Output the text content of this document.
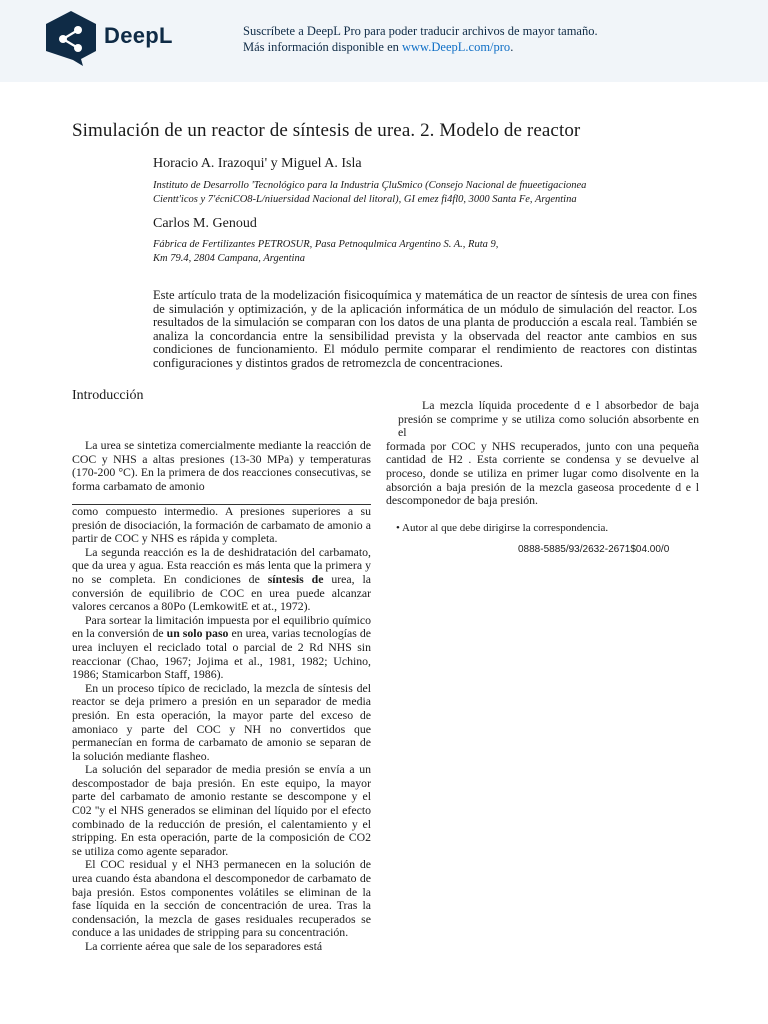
DeepL	Suscríbete a DeepL Pro para poder traducir archivos de mayor tamaño.
Más información disponible en www.DeepL.com/pro.
Simulación de un reactor de síntesis de urea. 2. Modelo de reactor
Horacio A. Irazoqui' y Miguel A. Isla
Instituto de Desarrollo 'Tecnológico para la Industria ÇluSmico (Consejo Nacional de fnueetigacionea
Cientt'icos y 7'écniCO8-L/niuersidad Nacional del litoral), GI emez fi4fl0, 3000 Santa Fe, Argentina
Carlos M. Genoud
Fábrica de Fertilizantes PETROSUR, Pasa Petnoqulmica Argentino S. A., Ruta 9,
Km 79.4, 2804 Campana, Argentina
Este artículo trata de la modelización fisicoquímica y matemática de un reactor de síntesis de urea con fines de simulación y optimización, y de la aplicación informática de un módulo de simulación del reactor. Los resultados de la simulación se comparan con los datos de una planta de producción a escala real. También se analiza la concordancia entre la sensibilidad prevista y la observada del reactor ante cambios en sus condiciones de funcionamiento. El módulo permite comparar el rendimiento de reactores con distintas configuraciones y distintos grados de retromezcla de concentraciones.
Introducción

La urea se sintetiza comercialmente mediante la reacción de COC y NHS a altas presiones (13-30 MPa) y temperaturas (170-200 °C). En la primera de dos reacciones consecutivas, se forma carbamato de amonio

como compuesto intermedio. A presiones superiores a su presión de disociación, la formación de carbamato de amonio a partir de COC y NHS es rápida y completa.

La segunda reacción es la de deshidratación del carbamato, que da urea y agua. Esta reacción es más lenta que la primera y no se completa. En condiciones de síntesis de urea, la conversión de equilibrio de COC en urea puede alcanzar valores cercanos a 80Po (LemkowitE et at., 1972).

Para sortear la limitación impuesta por el equilibrio químico en la conversión de un solo paso en urea, varias tecnologías de urea incluyen el reciclado total o parcial de 2 Rd NHS sin reaccionar (Chao, 1967; Jojima et al., 1981, 1982; Uchino, 1986; Stamicarbon Staff, 1986).

En un proceso típico de reciclado, la mezcla de síntesis del reactor se deja primero a presión en un separador de media presión. En esta operación, la mayor parte del exceso de amoniaco y parte del COC y NH no convertidos que permanecían en forma de carbamato de amonio se separan de la solución mediante flasheo.

La solución del separador de media presión se envía a un descompostador de baja presión. En este equipo, la mayor parte del carbamato de amonio restante se descompone y el C02 ''y el NHS generados se eliminan del líquido por el efecto combinado de la reducción de presión, el calentamiento y el stripping. En esta operación, parte de la composición de CO2 se utiliza como agente separador.

El COC residual y el NH3 permanecen en la solución de urea cuando ésta abandona el descomponedor de carbamato de baja presión. Estos componentes volátiles se eliminan de la fase líquida en la sección de concentración de urea. Tras la condensación, la mezcla de gases residuales recuperados se conduce a las unidades de stripping para su concentración.

La corriente aérea que sale de los separadores está

La mezcla líquida procedente d e l absorbedor de baja presión se comprime y se utiliza como solución absorbente en el

formada por COC y NHS recuperados, junto con una pequeña cantidad de H2 . Esta corriente se condensa y se devuelve al proceso, donde se utiliza en primer lugar como disolvente en la absorción a baja presión de la mezcla gaseosa procedente d e l descomponedor de baja presión.

• Autor al que debe dirigirse la correspondencia.
0888-5885/93/2632-2671$04.00/0
